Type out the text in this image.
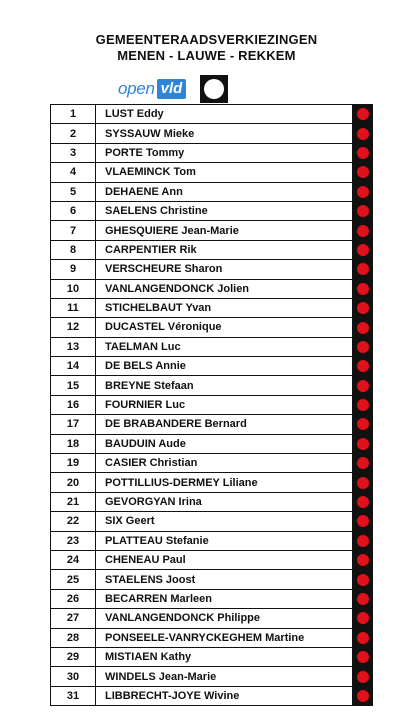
GEMEENTERAADSVERKIEZINGEN
MENEN - LAUWE - REKKEM
open vld
1	LUST Eddy	
2	SYSSAUW Mieke	
3	PORTE Tommy	
4	VLAEMINCK Tom	
5	DEHAENE Ann	
6	SAELENS Christine	
7	GHESQUIERE Jean-Marie	
8	CARPENTIER Rik	
9	VERSCHEURE Sharon	
10	VANLANGENDONCK Jolien	
11	STICHELBAUT Yvan	
12	DUCASTEL Véronique	
13	TAELMAN Luc	
14	DE BELS Annie	
15	BREYNE Stefaan	
16	FOURNIER Luc	
17	DE BRABANDERE Bernard	
18	BAUDUIN Aude	
19	CASIER Christian	
20	POTTILLIUS-DERMEY Liliane	
21	GEVORGYAN Irina	
22	SIX Geert	
23	PLATTEAU Stefanie	
24	CHENEAU Paul	
25	STAELENS Joost	
26	BECARREN Marleen	
27	VANLANGENDONCK Philippe	
28	PONSEELE-VANRYCKEGHEM Martine	
29	MISTIAEN Kathy	
30	WINDELS Jean-Marie	
31	LIBBRECHT-JOYE Wivine	
